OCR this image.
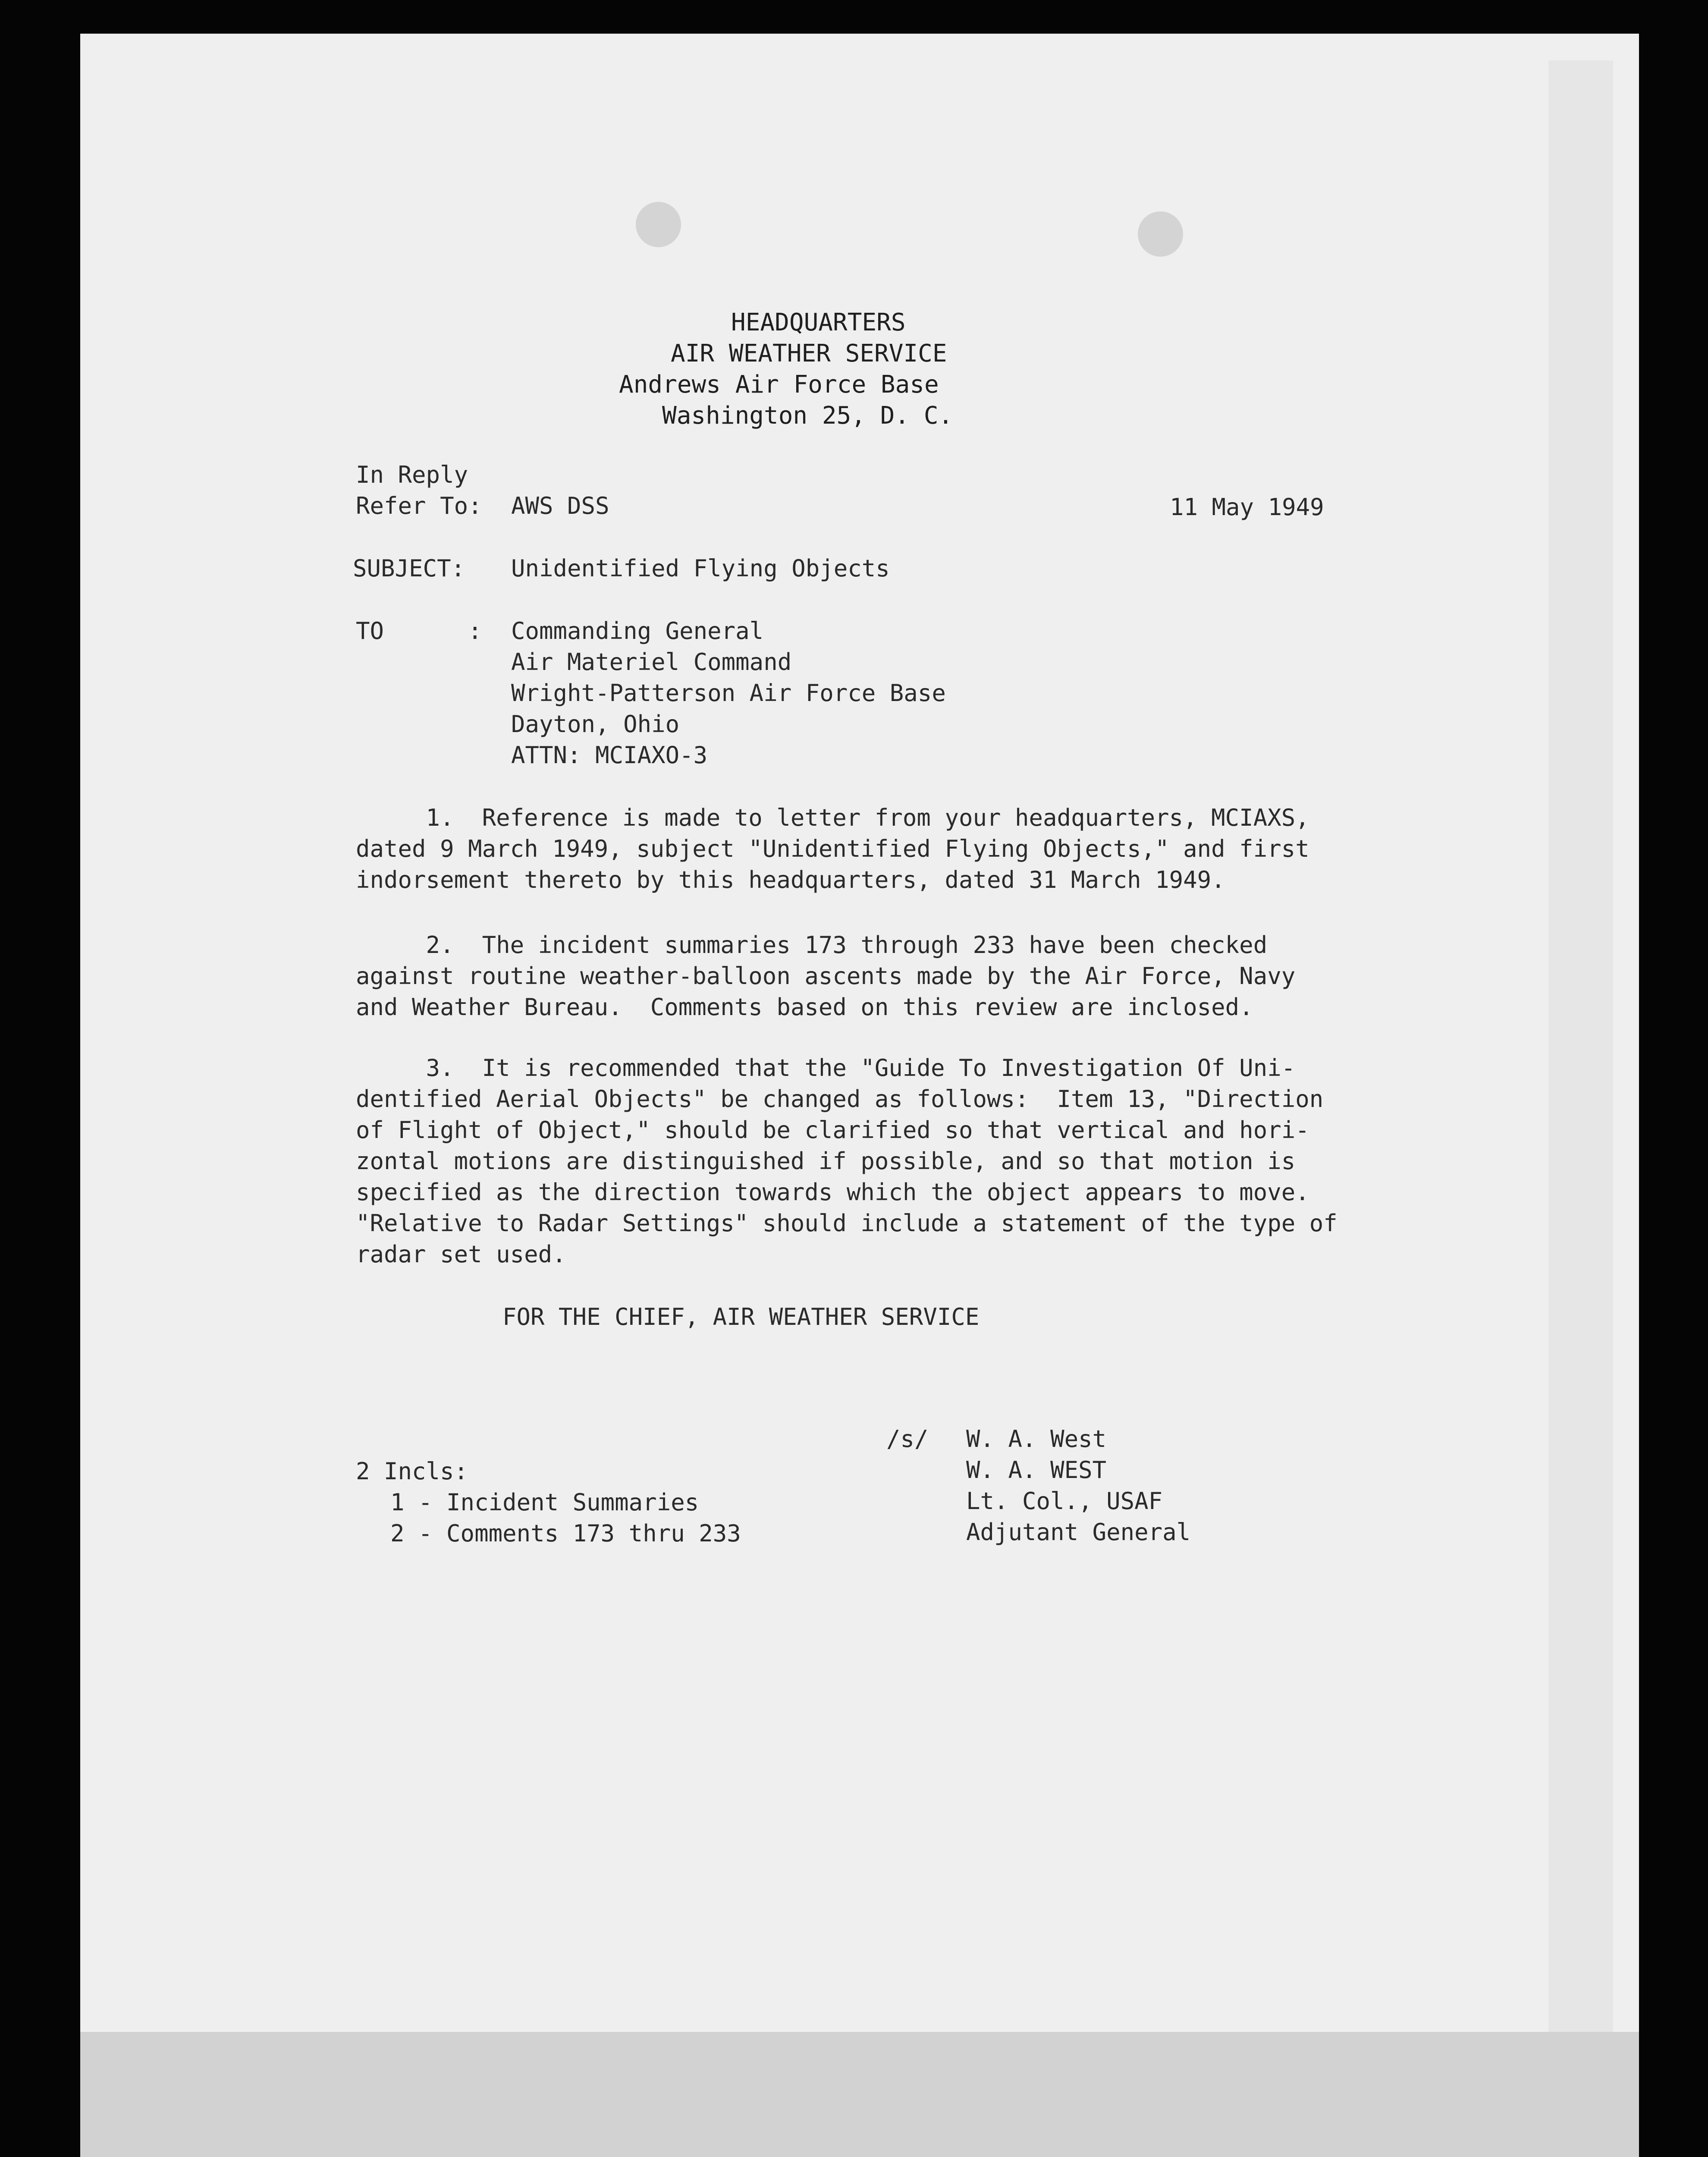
HEADQUARTERS

AIR WEATHER SERVICE

Andrews Air Force Base

Washington 25, D. C.

In Reply

Refer To: AWS DSS	11 May 1949

SUBJECT: Unidentified Flying Objects

TO	: Commanding General
Air Materiel Command
Wright-Patterson Air Force Base
Dayton, Ohio
ATTN: MCIAXO-3
1.  Reference is made to letter from your headquarters, MCIAXS,
dated 9 March 1949, subject "Unidentified Flying Objects," and first
indorsement thereto by this headquarters, dated 31 March 1949.
2.  The incident summaries 173 through 233 have been checked
against routine weather-balloon ascents made by the Air Force, Navy
and Weather Bureau.  Comments based on this review are inclosed.
3.  It is recommended that the "Guide To Investigation Of Uni-
dentified Aerial Objects" be changed as follows:  Item 13, "Direction
of Flight of Object," should be clarified so that vertical and hori-
zontal motions are distinguished if possible, and so that motion is
specified as the direction towards which the object appears to move.
"Relative to Radar Settings" should include a statement of the type of
radar set used.

FOR THE CHIEF, AIR WEATHER SERVICE

/s/ W. A. West
W. A. WEST
Lt. Col., USAF
Adjutant General

2 Incls:

1 - Incident Summaries
2 - Comments 173 thru 233
